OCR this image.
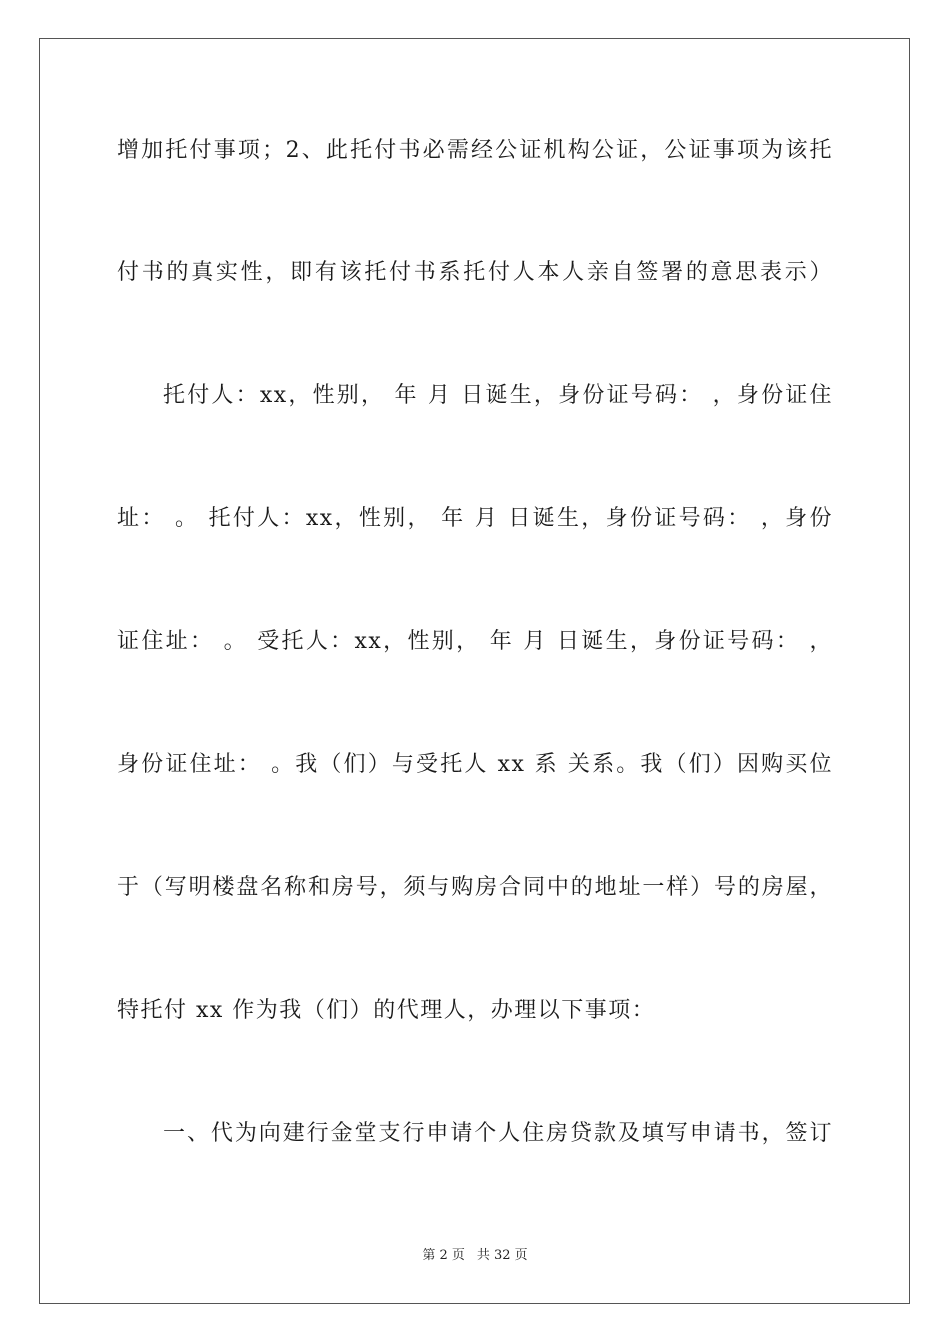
增加托付事项；2、此托付书必需经公证机构公证，公证事项为该托
付书的真实性，即有该托付书系托付人本人亲自签署的意思表示）
托付人：xx，性别， 年 月 日诞生，身份证号码： ，身份证住
址： 。 托付人：xx，性别， 年 月 日诞生，身份证号码： ，身份
证住址： 。 受托人：xx，性别， 年 月 日诞生，身份证号码： ，
身份证住址： 。我（们）与受托人 xx 系 关系。我（们）因购买位
于（写明楼盘名称和房号，须与购房合同中的地址一样）号的房屋，
特托付 xx 作为我（们）的代理人，办理以下事项：
一、代为向建行金堂支行申请个人住房贷款及填写申请书，签订
第 2 页 共 32 页
